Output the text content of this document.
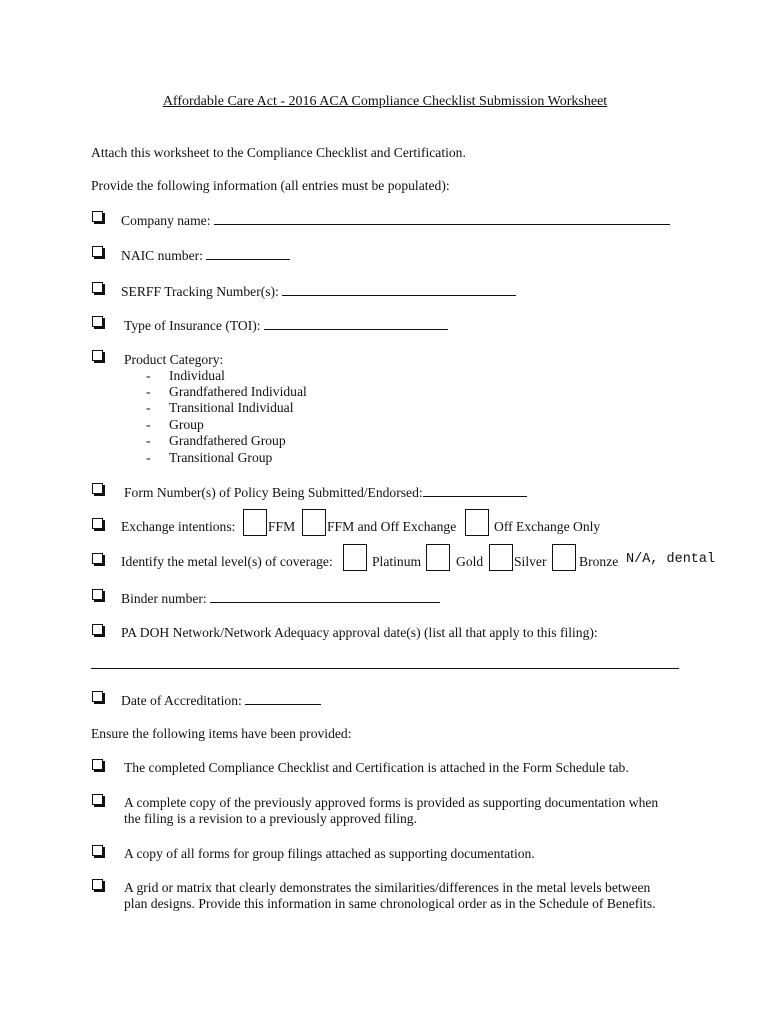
Affordable Care Act - 2016 ACA Compliance Checklist Submission Worksheet
Attach this worksheet to the Compliance Checklist and Certification.
Provide the following information (all entries must be populated):
Company name:
NAIC number:
SERFF Tracking Number(s):
Type of Insurance (TOI):
Product Category:
- Individual
- Grandfathered Individual
- Transitional Individual
- Group
- Grandfathered Group
- Transitional Group
Form Number(s) of Policy Being Submitted/Endorsed:
Exchange intentions: FFM FFM and Off Exchange	Off Exchange Only
Identify the metal level(s) of coverage:	Platinum	Gold Silver Bronze N/A, dental
Binder number:
PA DOH Network/Network Adequacy approval date(s) (list all that apply to this filing):
Date of Accreditation:
Ensure the following items have been provided:
The completed Compliance Checklist and Certification is attached in the Form Schedule tab.
A complete copy of the previously approved forms is provided as supporting documentation when
the filing is a revision to a previously approved filing.
A copy of all forms for group filings attached as supporting documentation.
A grid or matrix that clearly demonstrates the similarities/differences in the metal levels between
plan designs. Provide this information in same chronological order as in the Schedule of Benefits.
